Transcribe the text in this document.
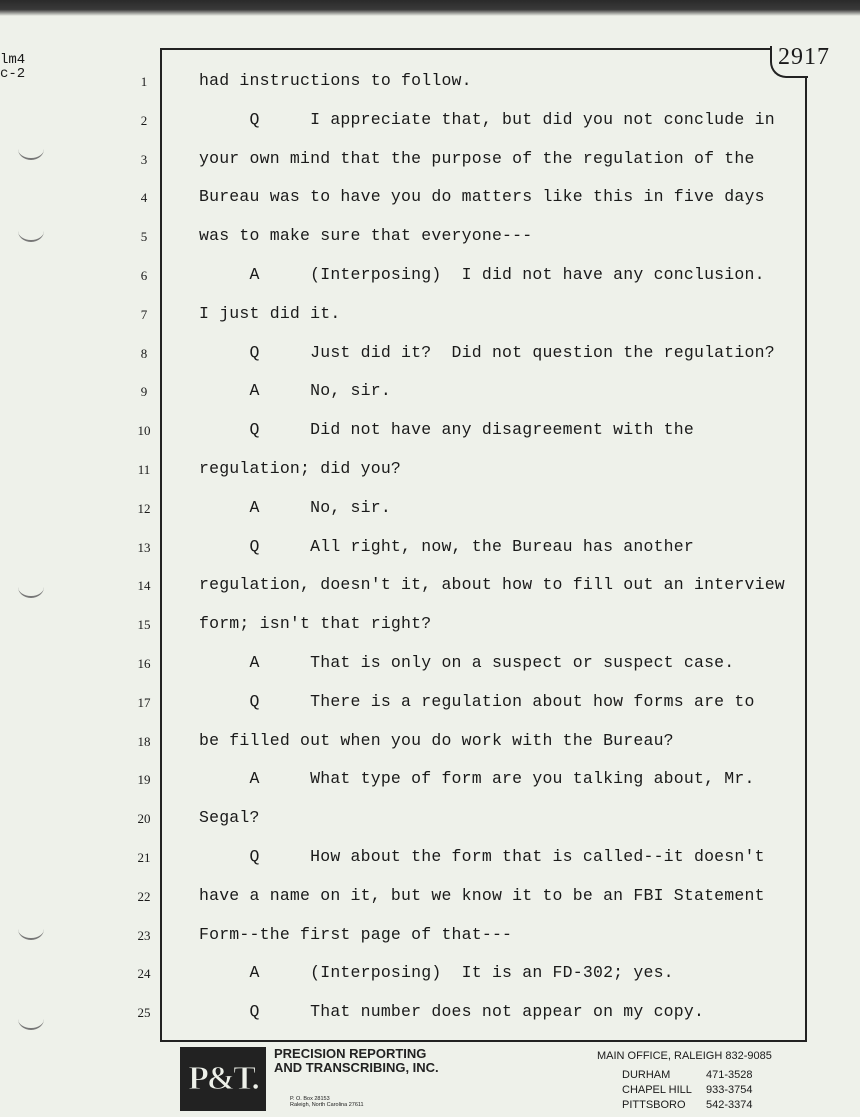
lm4
c-2
2917
1	had instructions to follow.
2	Q     I appreciate that, but did you not conclude in
3	your own mind that the purpose of the regulation of the
4	Bureau was to have you do matters like this in five days
5	was to make sure that everyone---
6	A     (Interposing)  I did not have any conclusion.
7	I just did it.
8	Q     Just did it?  Did not question the regulation?
9	A     No, sir.
10	Q     Did not have any disagreement with the
11	regulation; did you?
12	A     No, sir.
13	Q     All right, now, the Bureau has another
14	regulation, doesn't it, about how to fill out an interview
15	form; isn't that right?
16	A     That is only on a suspect or suspect case.
17	Q     There is a regulation about how forms are to
18	be filled out when you do work with the Bureau?
19	A     What type of form are you talking about, Mr.
20	Segal?
21	Q     How about the form that is called--it doesn't
22	have a name on it, but we know it to be an FBI Statement
23	Form--the first page of that---
24	A     (Interposing)  It is an FD-302; yes.
25	Q     That number does not appear on my copy.
P&T.
PRECISION REPORTING
AND TRANSCRIBING, INC.
P. O. Box 28153
Raleigh, North Carolina 27611
MAIN OFFICE, RALEIGH 832-9085
DURHAM	471-3528
CHAPEL HILL 933-3754
PITTSBORO 542-3374
